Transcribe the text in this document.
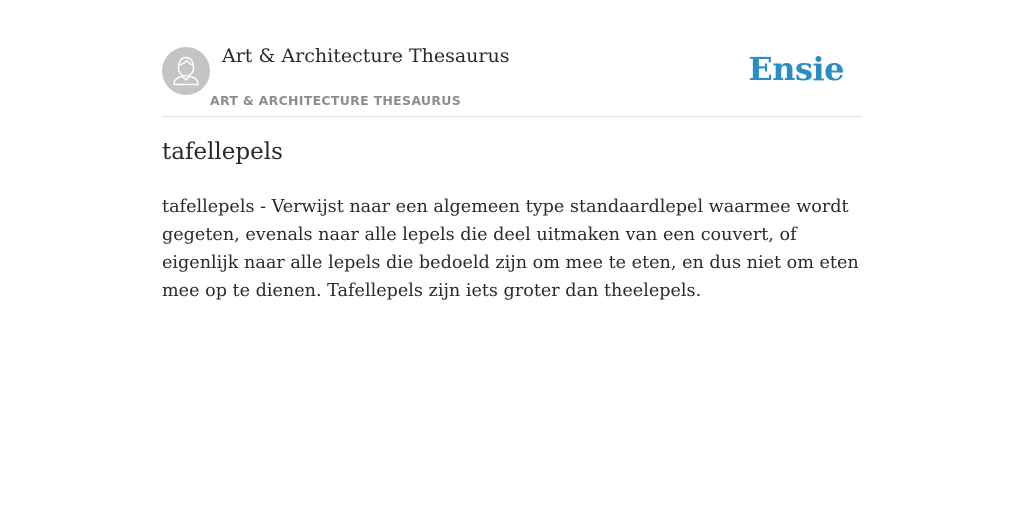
Art & Architecture Thesaurus
ART & ARCHITECTURE THESAURUS
Ensie
tafellepels

tafellepels - Verwijst naar een algemeen type standaardlepel waarmee wordt gegeten, evenals naar alle lepels die deel uitmaken van een couvert, of eigenlijk naar alle lepels die bedoeld zijn om mee te eten, en dus niet om eten mee op te dienen. Tafellepels zijn iets groter dan theelepels.
